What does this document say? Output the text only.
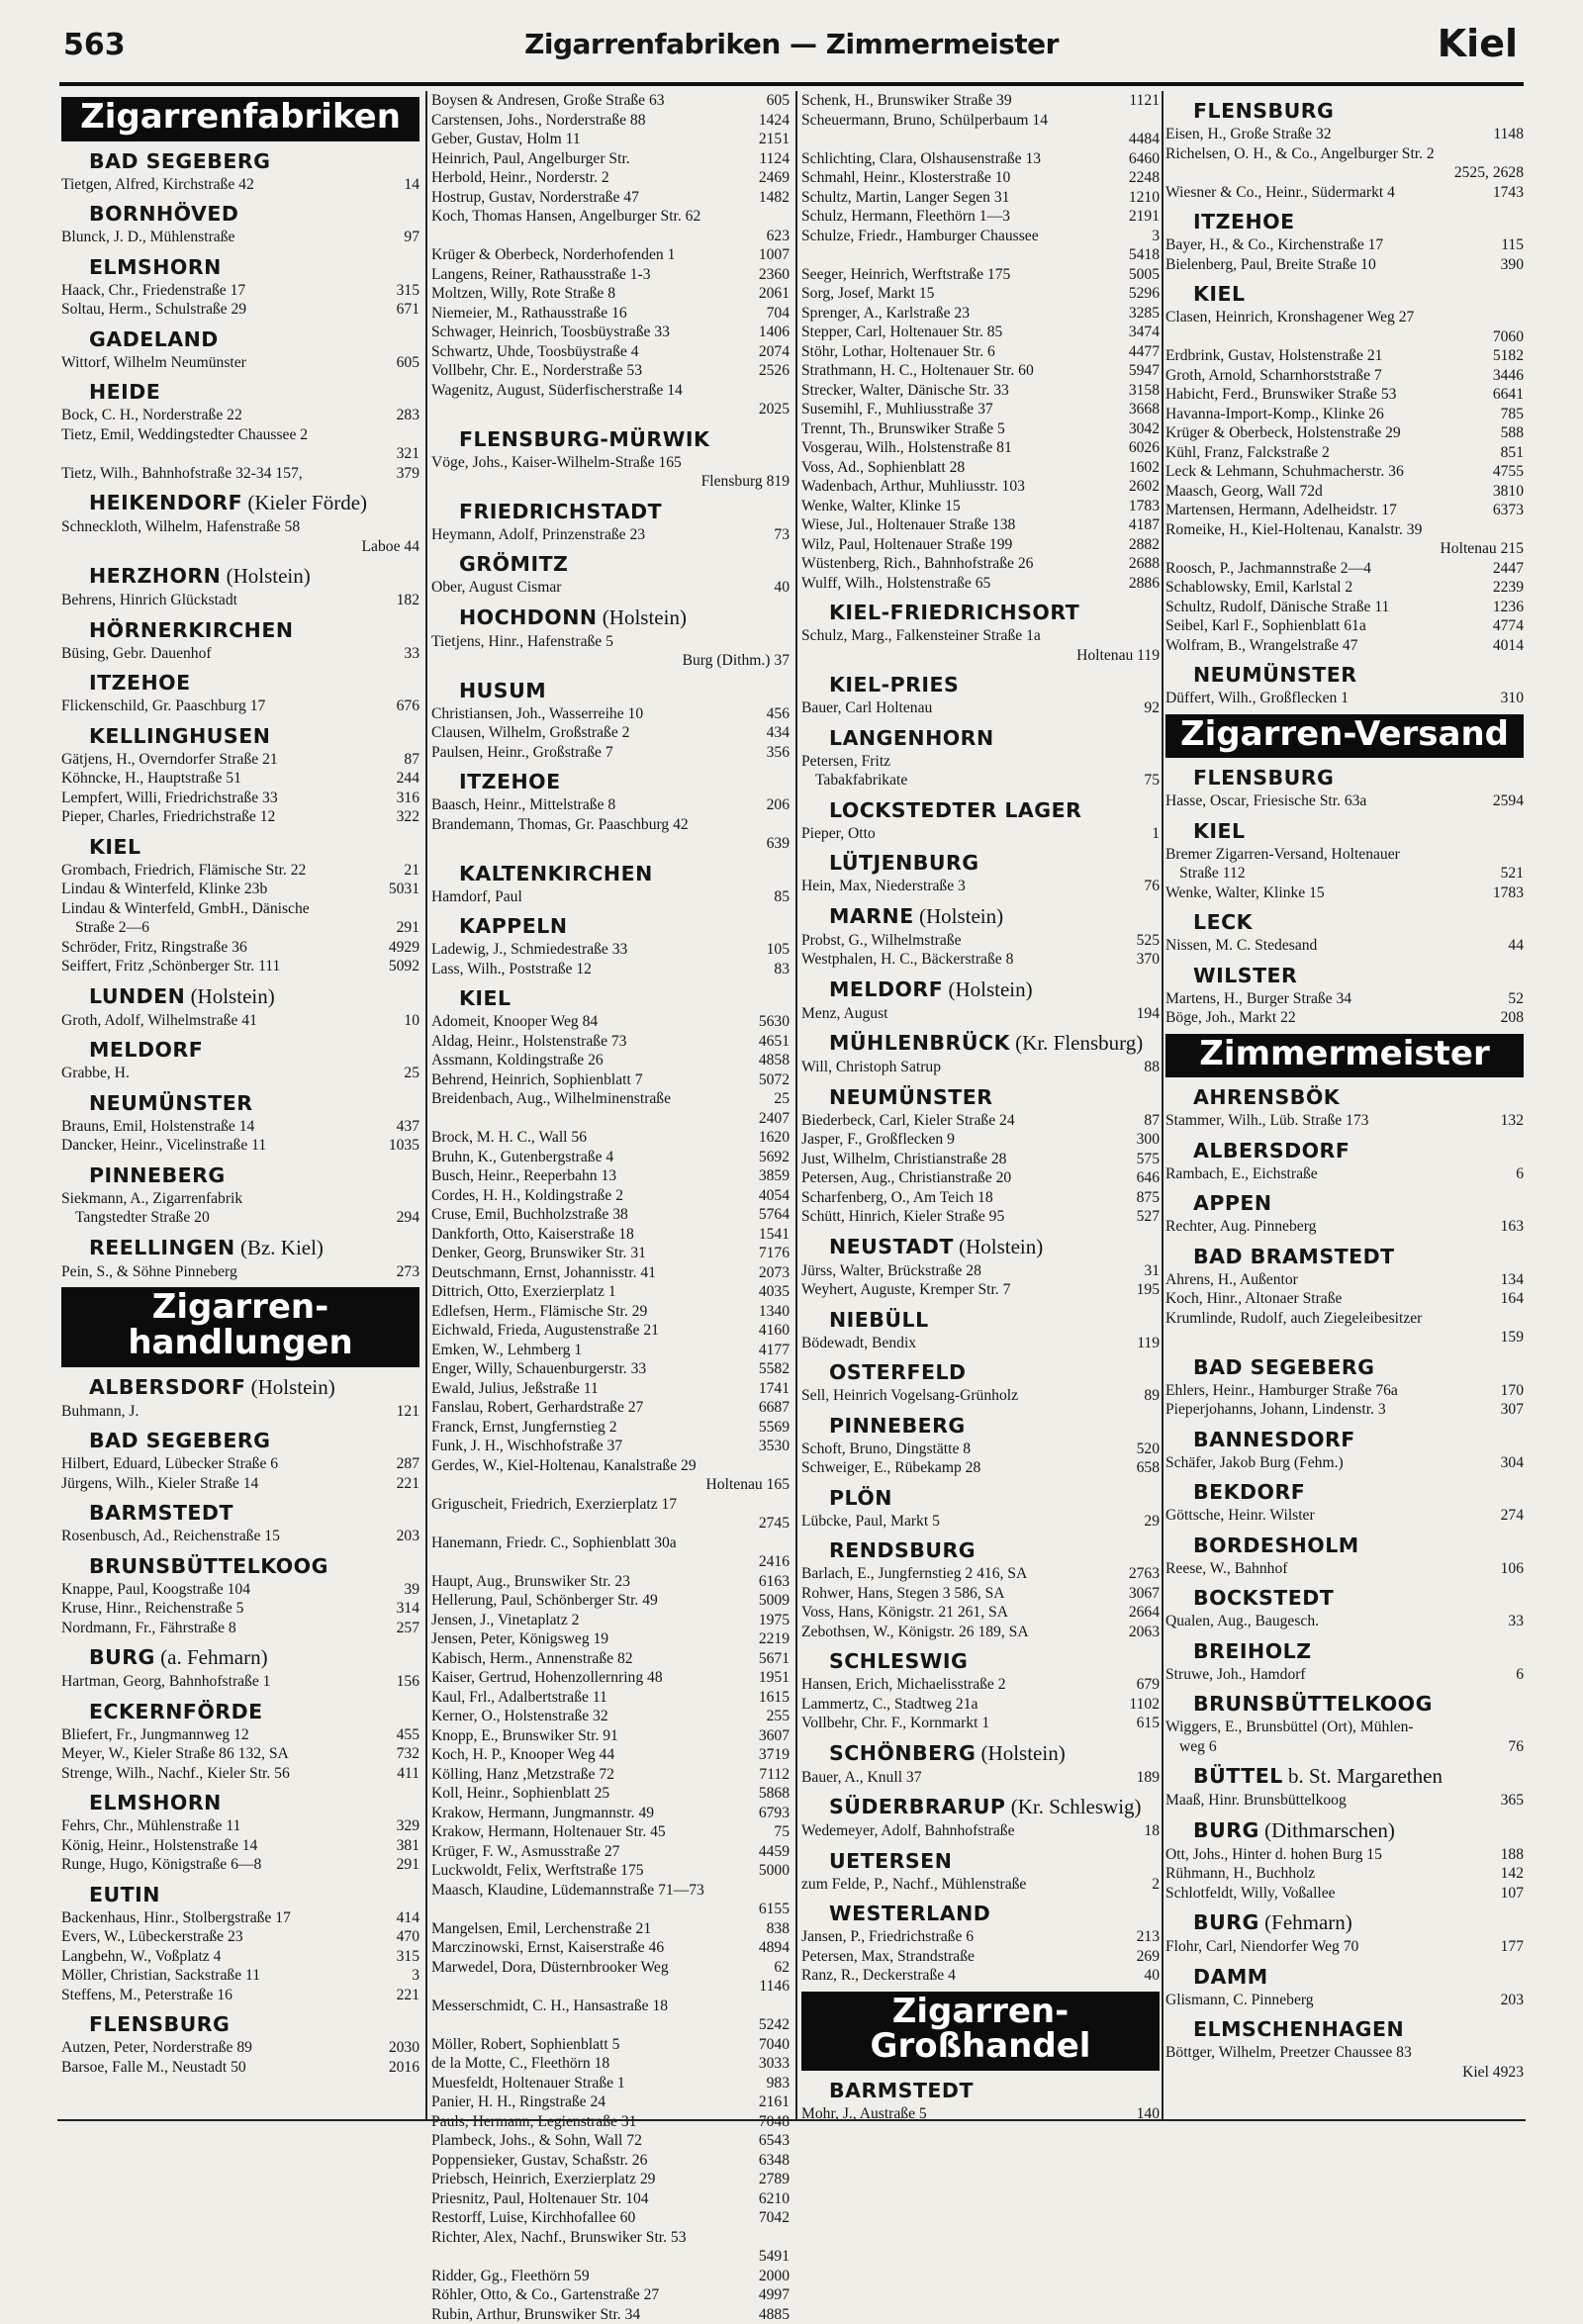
563	Zigarrenfabriken — Zimmermeister	Kiel
Zigarrenfabriken
BAD SEGEBERG
Tietgen, Alfred, Kirchstraße 42	14
BORNHÖVED
Blunck, J. D., Mühlenstraße	97
ELMSHORN
Haack, Chr., Friedenstraße 17	315
Soltau, Herm., Schulstraße 29	671
GADELAND
Wittorf, Wilhelm Neumünster	605
HEIDE
Bock, C. H., Norderstraße 22	283
Tietz, Emil, Weddingstedter Chaussee 2
321
Tietz, Wilh., Bahnhofstraße 32-34 157,	379
HEIKENDORF (Kieler Förde)
Schneckloth, Wilhelm, Hafenstraße 58
Laboe 44
HERZHORN (Holstein)
Behrens, Hinrich Glückstadt	182
HÖRNERKIRCHEN
Büsing, Gebr. Dauenhof	33
ITZEHOE
Flickenschild, Gr. Paaschburg 17	676
KELLINGHUSEN
Gätjens, H., Overndorfer Straße 21	87
Köhncke, H., Hauptstraße 51	244
Lempfert, Willi, Friedrichstraße 33	316
Pieper, Charles, Friedrichstraße 12	322
KIEL
Grombach, Friedrich, Flämische Str. 22	21
Lindau & Winterfeld, Klinke 23b	5031
Lindau & Winterfeld, GmbH., Dänische
Straße 2—6	291
Schröder, Fritz, Ringstraße 36	4929
Seiffert, Fritz ,Schönberger Str. 111	5092
LUNDEN (Holstein)
Groth, Adolf, Wilhelmstraße 41	10
MELDORF
Grabbe, H.	25
NEUMÜNSTER
Brauns, Emil, Holstenstraße 14	437
Dancker, Heinr., Vicelinstraße 11	1035
PINNEBERG
Siekmann, A., Zigarrenfabrik
Tangstedter Straße 20	294
REELLINGEN (Bz. Kiel)
Pein, S., & Söhne Pinneberg	273
Zigarren-handlungen
ALBERSDORF (Holstein)
Buhmann, J.	121
BAD SEGEBERG
Hilbert, Eduard, Lübecker Straße 6	287
Jürgens, Wilh., Kieler Straße 14	221
BARMSTEDT
Rosenbusch, Ad., Reichenstraße 15	203
BRUNSBÜTTELKOOG
Knappe, Paul, Koogstraße 104	39
Kruse, Hinr., Reichenstraße 5	314
Nordmann, Fr., Fährstraße 8	257
BURG (a. Fehmarn)
Hartman, Georg, Bahnhofstraße 1	156
ECKERNFÖRDE
Bliefert, Fr., Jungmannweg 12	455
Meyer, W., Kieler Straße 86 132, SA	732
Strenge, Wilh., Nachf., Kieler Str. 56	411
ELMSHORN
Fehrs, Chr., Mühlenstraße 11	329
König, Heinr., Holstenstraße 14	381
Runge, Hugo, Königstraße 6—8	291
EUTIN
Backenhaus, Hinr., Stolbergstraße 17	414
Evers, W., Lübeckerstraße 23	470
Langbehn, W., Voßplatz 4	315
Möller, Christian, Sackstraße 11	3
Steffens, M., Peterstraße 16	221
FLENSBURG
Autzen, Peter, Norderstraße 89	2030
Barsoe, Falle M., Neustadt 50	2016
Boysen & Andresen, Große Straße 63	605
Carstensen, Johs., Norderstraße 88	1424
Geber, Gustav, Holm 11	2151
Heinrich, Paul, Angelburger Str.	1124
Herbold, Heinr., Norderstr. 2	2469
Hostrup, Gustav, Norderstraße 47	1482
Koch, Thomas Hansen, Angelburger Str. 62
623
Krüger & Oberbeck, Norderhofenden 1	1007
Langens, Reiner, Rathausstraße 1-3	2360
Moltzen, Willy, Rote Straße 8	2061
Niemeier, M., Rathausstraße 16	704
Schwager, Heinrich, Toosbüystraße 33	1406
Schwartz, Uhde, Toosbüystraße 4	2074
Vollbehr, Chr. E., Norderstraße 53	2526
Wagenitz, August, Süderfischerstraße 14
2025
FLENSBURG-MÜRWIK
Vöge, Johs., Kaiser-Wilhelm-Straße 165
Flensburg 819
FRIEDRICHSTADT
Heymann, Adolf, Prinzenstraße 23	73
GRÖMITZ
Ober, August Cismar	40
HOCHDONN (Holstein)
Tietjens, Hinr., Hafenstraße 5
Burg (Dithm.) 37
HUSUM
Christiansen, Joh., Wasserreihe 10	456
Clausen, Wilhelm, Großstraße 2	434
Paulsen, Heinr., Großstraße 7	356
ITZEHOE
Baasch, Heinr., Mittelstraße 8	206
Brandemann, Thomas, Gr. Paaschburg 42
639
KALTENKIRCHEN
Hamdorf, Paul	85
KAPPELN
Ladewig, J., Schmiedestraße 33	105
Lass, Wilh., Poststraße 12	83
KIEL
Adomeit, Knooper Weg 84	5630
Aldag, Heinr., Holstenstraße 73	4651
Assmann, Koldingstraße 26	4858
Behrend, Heinrich, Sophienblatt 7	5072
Breidenbach, Aug., Wilhelminenstraße	25
2407
Brock, M. H. C., Wall 56	1620
Bruhn, K., Gutenbergstraße 4	5692
Busch, Heinr., Reeperbahn 13	3859
Cordes, H. H., Koldingstraße 2	4054
Cruse, Emil, Buchholzstraße 38	5764
Dankforth, Otto, Kaiserstraße 18	1541
Denker, Georg, Brunswiker Str. 31	7176
Deutschmann, Ernst, Johannisstr. 41	2073
Dittrich, Otto, Exerzierplatz 1	4035
Edlefsen, Herm., Flämische Str. 29	1340
Eichwald, Frieda, Augustenstraße 21	4160
Emken, W., Lehmberg 1	4177
Enger, Willy, Schauenburgerstr. 33	5582
Ewald, Julius, Jeßstraße 11	1741
Fanslau, Robert, Gerhardstraße 27	6687
Franck, Ernst, Jungfernstieg 2	5569
Funk, J. H., Wischhofstraße 37	3530
Gerdes, W., Kiel-Holtenau, Kanalstraße 29
Holtenau 165
Griguscheit, Friedrich, Exerzierplatz 17
2745
Hanemann, Friedr. C., Sophienblatt 30a
2416
Haupt, Aug., Brunswiker Str. 23	6163
Hellerung, Paul, Schönberger Str. 49	5009
Jensen, J., Vinetaplatz 2	1975
Jensen, Peter, Königsweg 19	2219
Kabisch, Herm., Annenstraße 82	5671
Kaiser, Gertrud, Hohenzollernring 48	1951
Kaul, Frl., Adalbertstraße 11	1615
Kerner, O., Holstenstraße 32	255
Knopp, E., Brunswiker Str. 91	3607
Koch, H. P., Knooper Weg 44	3719
Kölling, Hanz ,Metzstraße 72	7112
Koll, Heinr., Sophienblatt 25	5868
Krakow, Hermann, Jungmannstr. 49	6793
Krakow, Hermann, Holtenauer Str. 45	75
Krüger, F. W., Asmusstraße 27	4459
Luckwoldt, Felix, Werftstraße 175	5000
Maasch, Klaudine, Lüdemannstraße 71—73
6155
Mangelsen, Emil, Lerchenstraße 21	838
Marczinowski, Ernst, Kaiserstraße 46	4894
Marwedel, Dora, Düsternbrooker Weg	62
1146
Messerschmidt, C. H., Hansastraße 18
5242
Möller, Robert, Sophienblatt 5	7040
de la Motte, C., Fleethörn 18	3033
Muesfeldt, Holtenauer Straße 1	983
Panier, H. H., Ringstraße 24	2161
Pauls, Hermann, Legienstraße 31	7048
Plambeck, Johs., & Sohn, Wall 72	6543
Poppensieker, Gustav, Schaßstr. 26	6348
Priebsch, Heinrich, Exerzierplatz 29	2789
Priesnitz, Paul, Holtenauer Str. 104	6210
Restorff, Luise, Kirchhofallee 60	7042
Richter, Alex, Nachf., Brunswiker Str. 53
5491
Ridder, Gg., Fleethörn 59	2000
Röhler, Otto, & Co., Gartenstraße 27	4997
Rubin, Arthur, Brunswiker Str. 34	4885
Schenk, H., Brunswiker Straße 39	1121
Scheuermann, Bruno, Schülperbaum 14
4484
Schlichting, Clara, Olshausenstraße 13	6460
Schmahl, Heinr., Klosterstraße 10	2248
Schultz, Martin, Langer Segen 31	1210
Schulz, Hermann, Fleethörn 1—3	2191
Schulze, Friedr., Hamburger Chaussee	3
5418
Seeger, Heinrich, Werftstraße 175	5005
Sorg, Josef, Markt 15	5296
Sprenger, A., Karlstraße 23	3285
Stepper, Carl, Holtenauer Str. 85	3474
Stöhr, Lothar, Holtenauer Str. 6	4477
Strathmann, H. C., Holtenauer Str. 60	5947
Strecker, Walter, Dänische Str. 33	3158
Susemihl, F., Muhliusstraße 37	3668
Trennt, Th., Brunswiker Straße 5	3042
Vosgerau, Wilh., Holstenstraße 81	6026
Voss, Ad., Sophienblatt 28	1602
Wadenbach, Arthur, Muhliusstr. 103	2602
Wenke, Walter, Klinke 15	1783
Wiese, Jul., Holtenauer Straße 138	4187
Wilz, Paul, Holtenauer Straße 199	2882
Wüstenberg, Rich., Bahnhofstraße 26	2688
Wulff, Wilh., Holstenstraße 65	2886
KIEL-FRIEDRICHSORT
Schulz, Marg., Falkensteiner Straße 1a
Holtenau 119
KIEL-PRIES
Bauer, Carl Holtenau	92
LANGENHORN
Petersen, Fritz
Tabakfabrikate	75
LOCKSTEDTER LAGER
Pieper, Otto	1
LÜTJENBURG
Hein, Max, Niederstraße 3	76
MARNE (Holstein)
Probst, G., Wilhelmstraße	525
Westphalen, H. C., Bäckerstraße 8	370
MELDORF (Holstein)
Menz, August	194
MÜHLENBRÜCK (Kr. Flensburg)
Will, Christoph Satrup	88
NEUMÜNSTER
Biederbeck, Carl, Kieler Straße 24	87
Jasper, F., Großflecken 9	300
Just, Wilhelm, Christianstraße 28	575
Petersen, Aug., Christianstraße 20	646
Scharfenberg, O., Am Teich 18	875
Schütt, Hinrich, Kieler Straße 95	527
NEUSTADT (Holstein)
Jürss, Walter, Brückstraße 28	31
Weyhert, Auguste, Kremper Str. 7	195
NIEBÜLL
Bödewadt, Bendix	119
OSTERFELD
Sell, Heinrich Vogelsang-Grünholz	89
PINNEBERG
Schoft, Bruno, Dingstätte 8	520
Schweiger, E., Rübekamp 28	658
PLÖN
Lübcke, Paul, Markt 5	29
RENDSBURG
Barlach, E., Jungfernstieg 2 416, SA	2763
Rohwer, Hans, Stegen 3 586, SA	3067
Voss, Hans, Königstr. 21 261, SA	2664
Zebothsen, W., Königstr. 26 189, SA	2063
SCHLESWIG
Hansen, Erich, Michaelisstraße 2	679
Lammertz, C., Stadtweg 21a	1102
Vollbehr, Chr. F., Kornmarkt 1	615
SCHÖNBERG (Holstein)
Bauer, A., Knull 37	189
SÜDERBRARUP (Kr. Schleswig)
Wedemeyer, Adolf, Bahnhofstraße	18
UETERSEN
zum Felde, P., Nachf., Mühlenstraße	2
WESTERLAND
Jansen, P., Friedrichstraße 6	213
Petersen, Max, Strandstraße	269
Ranz, R., Deckerstraße 4	40
Zigarren-Großhandel
BARMSTEDT
Mohr, J., Austraße 5	140
FLENSBURG
Eisen, H., Große Straße 32	1148
Richelsen, O. H., & Co., Angelburger Str. 2
2525, 2628
Wiesner & Co., Heinr., Südermarkt 4	1743
ITZEHOE
Bayer, H., & Co., Kirchenstraße 17	115
Bielenberg, Paul, Breite Straße 10	390
KIEL
Clasen, Heinrich, Kronshagener Weg 27
7060
Erdbrink, Gustav, Holstenstraße 21	5182
Groth, Arnold, Scharnhorststraße 7	3446
Habicht, Ferd., Brunswiker Straße 53	6641
Havanna-Import-Komp., Klinke 26	785
Krüger & Oberbeck, Holstenstraße 29	588
Kühl, Franz, Falckstraße 2	851
Leck & Lehmann, Schuhmacherstr. 36	4755
Maasch, Georg, Wall 72d	3810
Martensen, Hermann, Adelheidstr. 17	6373
Romeike, H., Kiel-Holtenau, Kanalstr. 39
Holtenau 215
Roosch, P., Jachmannstraße 2—4	2447
Schablowsky, Emil, Karlstal 2	2239
Schultz, Rudolf, Dänische Straße 11	1236
Seibel, Karl F., Sophienblatt 61a	4774
Wolfram, B., Wrangelstraße 47	4014
NEUMÜNSTER
Düffert, Wilh., Großflecken 1	310
Zigarren-Versand
FLENSBURG
Hasse, Oscar, Friesische Str. 63a	2594
KIEL
Bremer Zigarren-Versand, Holtenauer
Straße 112	521
Wenke, Walter, Klinke 15	1783
LECK
Nissen, M. C. Stedesand	44
WILSTER
Martens, H., Burger Straße 34	52
Böge, Joh., Markt 22	208
Zimmermeister
AHRENSBÖK
Stammer, Wilh., Lüb. Straße 173	132
ALBERSDORF
Rambach, E., Eichstraße	6
APPEN
Rechter, Aug. Pinneberg	163
BAD BRAMSTEDT
Ahrens, H., Außentor	134
Koch, Hinr., Altonaer Straße	164
Krumlinde, Rudolf, auch Ziegeleibesitzer
159
BAD SEGEBERG
Ehlers, Heinr., Hamburger Straße 76a	170
Pieperjohanns, Johann, Lindenstr. 3	307
BANNESDORF
Schäfer, Jakob Burg (Fehm.)	304
BEKDORF
Göttsche, Heinr. Wilster	274
BORDESHOLM
Reese, W., Bahnhof	106
BOCKSTEDT
Qualen, Aug., Baugesch.	33
BREIHOLZ
Struwe, Joh., Hamdorf	6
BRUNSBÜTTELKOOG
Wiggers, E., Brunsbüttel (Ort), Mühlen-
weg 6	76
BÜTTEL b. St. Margarethen
Maaß, Hinr. Brunsbüttelkoog	365
BURG (Dithmarschen)
Ott, Johs., Hinter d. hohen Burg 15	188
Rühmann, H., Buchholz	142
Schlotfeldt, Willy, Voßallee	107
BURG (Fehmarn)
Flohr, Carl, Niendorfer Weg 70	177
DAMM
Glismann, C. Pinneberg	203
ELMSCHENHAGEN
Böttger, Wilhelm, Preetzer Chaussee 83
Kiel 4923
